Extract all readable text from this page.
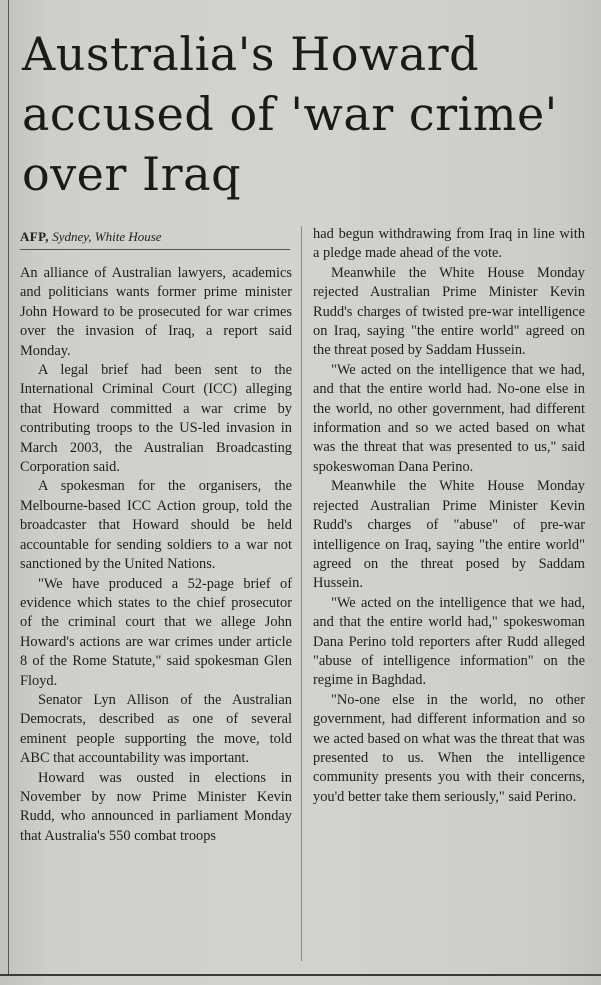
Australia's Howard accused of 'war crime' over Iraq
AFP, Sydney, White House

An alliance of Australian lawyers, academics and politicians wants former prime minister John Howard to be prosecuted for war crimes over the invasion of Iraq, a report said Monday.

A legal brief had been sent to the International Criminal Court (ICC) alleging that Howard committed a war crime by contributing troops to the US-led invasion in March 2003, the Australian Broadcasting Corporation said.

A spokesman for the organisers, the Melbourne-based ICC Action group, told the broadcaster that Howard should be held accountable for sending soldiers to a war not sanctioned by the United Nations.

"We have produced a 52-page brief of evidence which states to the chief prosecutor of the criminal court that we allege John Howard's actions are war crimes under article 8 of the Rome Statute," said spokesman Glen Floyd.

Senator Lyn Allison of the Australian Democrats, described as one of several eminent people supporting the move, told ABC that accountability was important.

Howard was ousted in elections in November by now Prime Minister Kevin Rudd, who announced in parliament Monday that Australia's 550 combat troops

had begun withdrawing from Iraq in line with a pledge made ahead of the vote.

Meanwhile the White House Monday rejected Australian Prime Minister Kevin Rudd's charges of twisted pre-war intelligence on Iraq, saying "the entire world" agreed on the threat posed by Saddam Hussein.

"We acted on the intelligence that we had, and that the entire world had. No-one else in the world, no other government, had different information and so we acted based on what was the threat that was presented to us," said spokeswoman Dana Perino.

Meanwhile the White House Monday rejected Australian Prime Minister Kevin Rudd's charges of "abuse" of pre-war intelligence on Iraq, saying "the entire world" agreed on the threat posed by Saddam Hussein.

"We acted on the intelligence that we had, and that the entire world had," spokeswoman Dana Perino told reporters after Rudd alleged "abuse of intelligence information" on the regime in Baghdad.

"No-one else in the world, no other government, had different information and so we acted based on what was the threat that was presented to us. When the intelligence community presents you with their concerns, you'd better take them seriously," said Perino.
